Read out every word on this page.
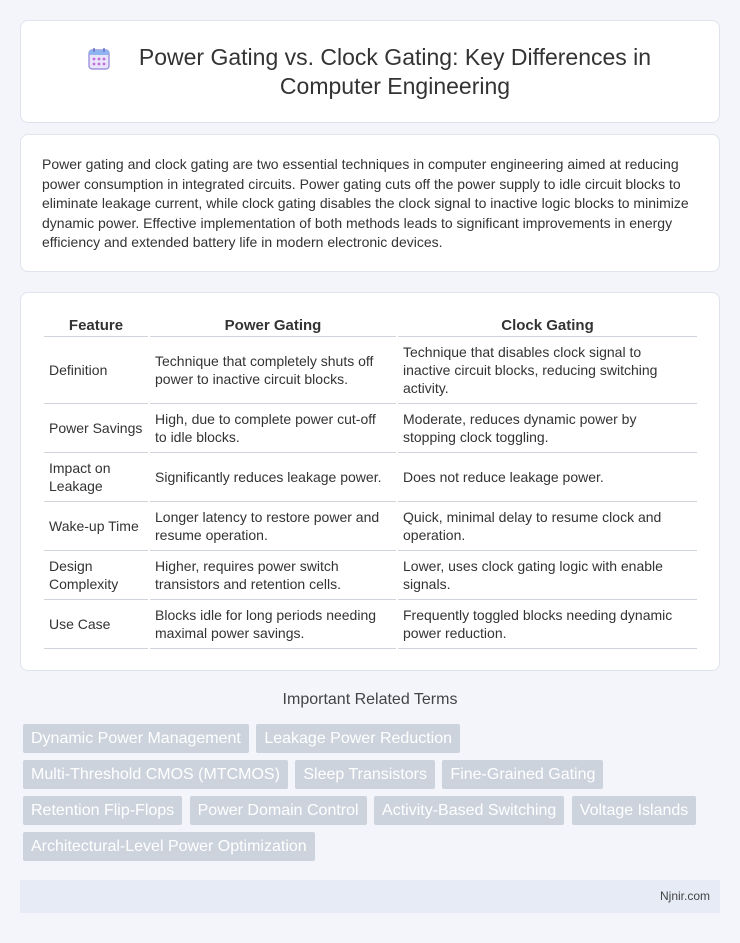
Power Gating vs. Clock Gating: Key Differences in Computer Engineering

Power gating and clock gating are two essential techniques in computer engineering aimed at reducing power consumption in integrated circuits. Power gating cuts off the power supply to idle circuit blocks to eliminate leakage current, while clock gating disables the clock signal to inactive logic blocks to minimize dynamic power. Effective implementation of both methods leads to significant improvements in energy efficiency and extended battery life in modern electronic devices.

Feature	Power Gating	Clock Gating
Definition	Technique that completely shuts off power to inactive circuit blocks.	Technique that disables clock signal to inactive circuit blocks, reducing switching activity.
Power Savings	High, due to complete power cut-off to idle blocks.	Moderate, reduces dynamic power by stopping clock toggling.
Impact on Leakage	Significantly reduces leakage power.	Does not reduce leakage power.
Wake-up Time	Longer latency to restore power and resume operation.	Quick, minimal delay to resume clock and operation.
Design Complexity	Higher, requires power switch transistors and retention cells.	Lower, uses clock gating logic with enable signals.
Use Case	Blocks idle for long periods needing maximal power savings.	Frequently toggled blocks needing dynamic power reduction.
Important Related Terms
Dynamic Power Management Leakage Power Reduction Multi-Threshold CMOS (MTCMOS) Sleep Transistors Fine-Grained Gating Retention Flip-Flops Power Domain Control Activity-Based Switching Voltage Islands Architectural-Level Power Optimization
Njnir.com
